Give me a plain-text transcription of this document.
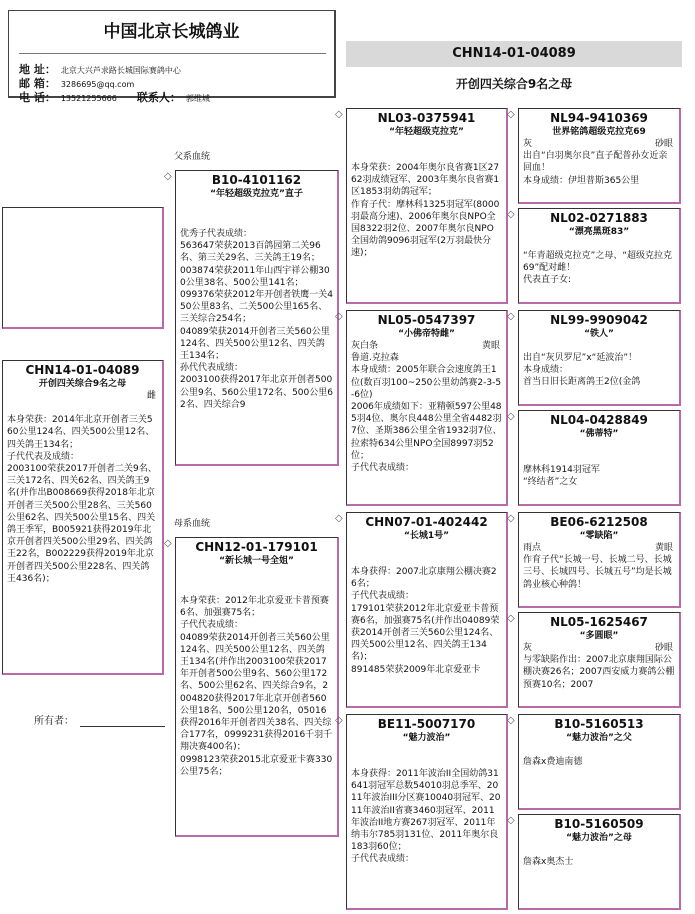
中国北京长城鸽业
地 址： 北京大兴芦求路长城国际赛鸽中心
邮 箱： 3286695@qq.com
电 话： 13521255666 联系人： 郭维城
CHN14-01-04089
开创四关综合9名之母
父系血统
母系血统
CHN14-01-04089
开创四关综合9名之母
雌
本身荣获：2014年北京开创者三关560公里124名、四关500公里12名、四关鸽王134名；
子代代表及成绩：
2003100荣获2017开创者二关9名、三关172名、四关62名、四关鸽王9名(并作出B008669获得2018年北京开创者三关500公里28名、三关560公里62名、四关500公里15名、四关鸽王季军，B005921获得2019年北京开创者四关500公里29名、四关鸽王22名，B002229获得2019年北京开创者四关500公里228名、四关鸽王436名)；
所有者：
B10-4101162
“年轻超级克拉克”直子
优秀子代表成绩：
563647荣获2013百鸽园第二关96名、第三关29名、三关鸽王19名；
003874荣获2011年山西宇祥公棚300公里38名、500公里141名；
099376荣获2012年开创者铁鹰一关450公里83名、二关500公里165名、三关综合254名；
04089荣获2014开创者三关560公里124名、四关500公里12名、四关鸽王134名；
孙代代表成绩：
2003100获得2017年北京开创者500公里9名、560公里172名、500公里62名、四关综合9
◇
CHN12-01-179101
“新长城一号全姐”
本身荣获：2012年北京爱亚卡普预赛6名、加强赛75名；
子代代表成绩：
04089荣获2014开创者三关560公里124名、四关500公里12名、四关鸽王134名(并作出2003100荣获2017年开创者500公里9名、560公里172名、500公里62名、四关综合9名，2004820获得2017年北京开创者560公里18名、500公里120名，05016获得2016年开创者四关38名、四关综合177名，0999231获得2016千羽千翔决赛400名)；
0998123荣获2015北京爱亚卡赛330公里75名；
◇
NL03-0375941
“年轻超级克拉克”
本身荣获：2004年奥尔良省赛1区2762羽成绩冠军、2003年奥尔良省赛1区1853羽幼鸽冠军；
作育子代：摩林科1325羽冠军(8000羽最高分速)、2006年奥尔良NPO全国8322羽2位、2007年奥尔良NPO全国幼鸽9096羽冠军(2万羽最快分速)；
◇
NL05-0547397
“小佛帝特雌”
灰白条	黄眼
鲁道.克拉森
本身成绩：2005年联合会速度鸽王1位(数百羽100~250公里幼鸽赛2-3-5-6位)
2006年成绩如下：亚精顿597公里485羽4位、奥尔良448公里全省4482羽7位、圣斯386公里全省1932羽7位、拉索特634公里NPO全国8997羽52位；
子代代表成绩：
◇
CHN07-01-402442
“长城1号”
本身获得：2007北京康翔公棚决赛26名；
子代代表成绩：
179101荣获2012年北京爱亚卡普预赛6名，加强赛75名(并作出04089荣获2014开创者三关560公里124名、四关500公里12名、四关鸽王134名)；
891485荣获2009年北京爱亚卡
◇
BE11-5007170
“魅力波治”
本身获得：2011年波治II全国幼鸽31641羽冠军总数54010羽总季军、2011年波治III分区赛10040羽冠军、2011年波治II省赛3460羽冠军、2011年波治II地方赛267羽冠军、2011年纳韦尔785羽131位、2011年奥尔良183羽60位；
子代代表成绩：
◇
NL94-9410369
世界铭鸽超级克拉克69
灰	砂眼
出自“白羽奥尔良”直子配普孙女近亲回血！
本身成绩：伊坦普斯365公里
◇
NL02-0271883
“漂亮黑斑83”
“年青超级克拉克”之母、“超级克拉克69”配对雌！
代表直子女:
◇
NL99-9909042
“铁人”
出自“灰贝罗尼”x“延波治”！
本身成绩：
首当日旧长距离鸽王2位(金鸽
◇
NL04-0428849
“佛蒂特”
摩林科1914羽冠军
“终结者”之女
◇
BE06-6212508
“零缺陷”
雨点	黄眼
作育子代“长城一号、长城二号、长城三号、长城四号、长城五号”均是长城鸽业核心种鸽！
◇
NL05-1625467
“多圆眼”
灰	砂眼
与零缺陷作出：2007北京康翔国际公棚决赛26名；2007西安威力赛鸽公棚预赛10名；2007
◇
B10-5160513
“魅力波治”之父
詹森x费迪南德
◇
B10-5160509
“魅力波治”之母
詹森x奥杰士
◇
